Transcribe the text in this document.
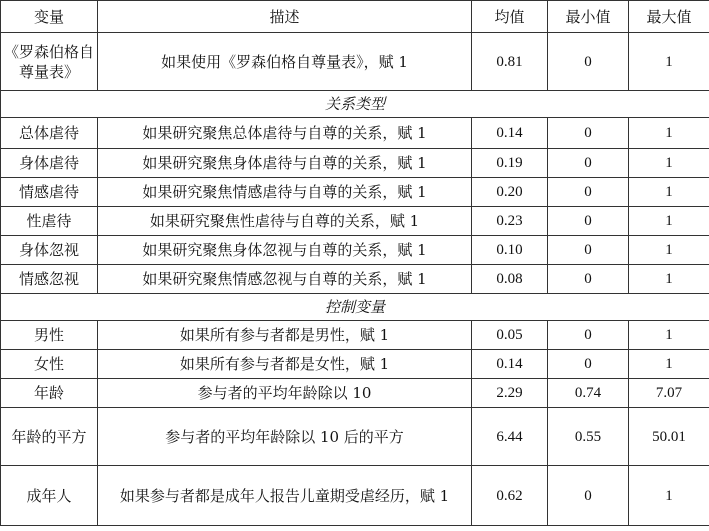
变量	描述	均值	最小值	最大值
《罗森伯格自尊量表》	如果使用《罗森伯格自尊量表》，赋 1	0.81	0	1
关系类型				
总体虐待	如果研究聚焦总体虐待与自尊的关系，赋 1	0.14	0	1
身体虐待	如果研究聚焦身体虐待与自尊的关系，赋 1	0.19	0	1
情感虐待	如果研究聚焦情感虐待与自尊的关系，赋 1	0.20	0	1
性虐待	如果研究聚焦性虐待与自尊的关系，赋 1	0.23	0	1
身体忽视	如果研究聚焦身体忽视与自尊的关系，赋 1	0.10	0	1
情感忽视	如果研究聚焦情感忽视与自尊的关系，赋 1	0.08	0	1
控制变量				
男性	如果所有参与者都是男性，赋 1	0.05	0	1
女性	如果所有参与者都是女性，赋 1	0.14	0	1
年龄	参与者的平均年龄除以 10	2.29	0.74	7.07
年龄的平方	参与者的平均年龄除以 10 后的平方	6.44	0.55	50.01
成年人	如果参与者都是成年人报告儿童期受虐经历，赋 1	0.62	0	1
